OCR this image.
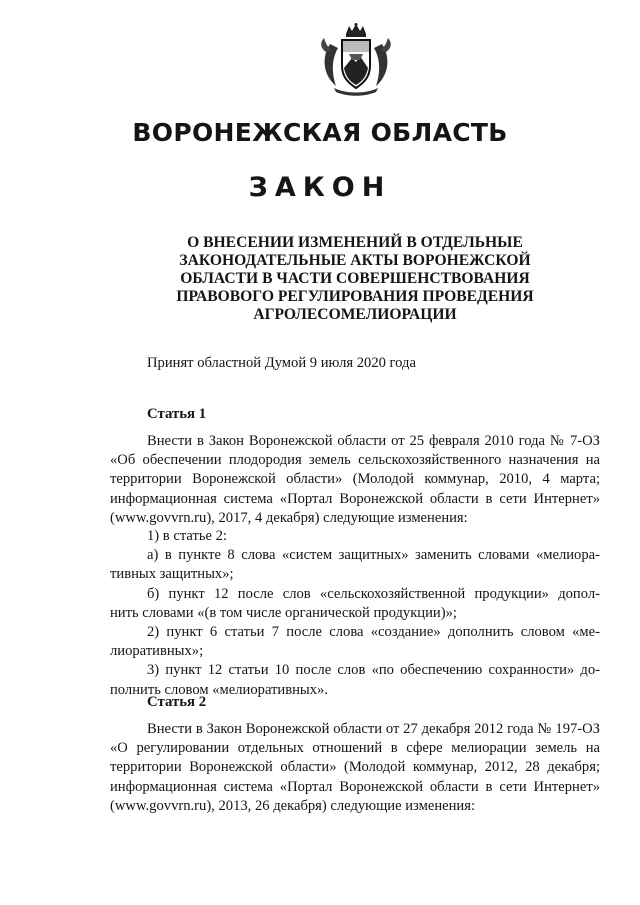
ВОРОНЕЖСКАЯ ОБЛАСТЬ
ЗАКОН
О ВНЕСЕНИИ ИЗМЕНЕНИЙ В ОТДЕЛЬНЫЕ
ЗАКОНОДАТЕЛЬНЫЕ АКТЫ ВОРОНЕЖСКОЙ
ОБЛАСТИ В ЧАСТИ СОВЕРШЕНСТВОВАНИЯ
ПРАВОВОГО РЕГУЛИРОВАНИЯ ПРОВЕДЕНИЯ
АГРОЛЕСОМЕЛИОРАЦИИ
Принят областной Думой 9 июля 2020 года
Статья 1
Внести в Закон Воронежской области от 25 февраля 2010 года № 7-ОЗ
«Об обеспечении плодородия земель сельскохозяйственного назначения на
территории Воронежской области» (Молодой коммунар, 2010, 4 марта;
информационная система «Портал Воронежской области в сети Интернет»
(www.govvrn.ru), 2017, 4 декабря) следующие изменения:
1) в статье 2:
а) в пункте 8 слова «систем защитных» заменить словами «мелиора-
тивных защитных»;
б) пункт 12 после слов «сельскохозяйственной продукции» допол-
нить словами «(в том числе органической продукции)»;
2) пункт 6 статьи 7 после слова «создание» дополнить словом «ме-
лиоративных»;
3) пункт 12 статьи 10 после слов «по обеспечению сохранности» до-
полнить словом «мелиоративных».
Статья 2
Внести в Закон Воронежской области от 27 декабря 2012 года № 197-ОЗ
«О регулировании отдельных отношений в сфере мелиорации земель на
территории Воронежской области» (Молодой коммунар, 2012, 28 декабря;
информационная система «Портал Воронежской области в сети Интернет»
(www.govvrn.ru), 2013, 26 декабря) следующие изменения:
